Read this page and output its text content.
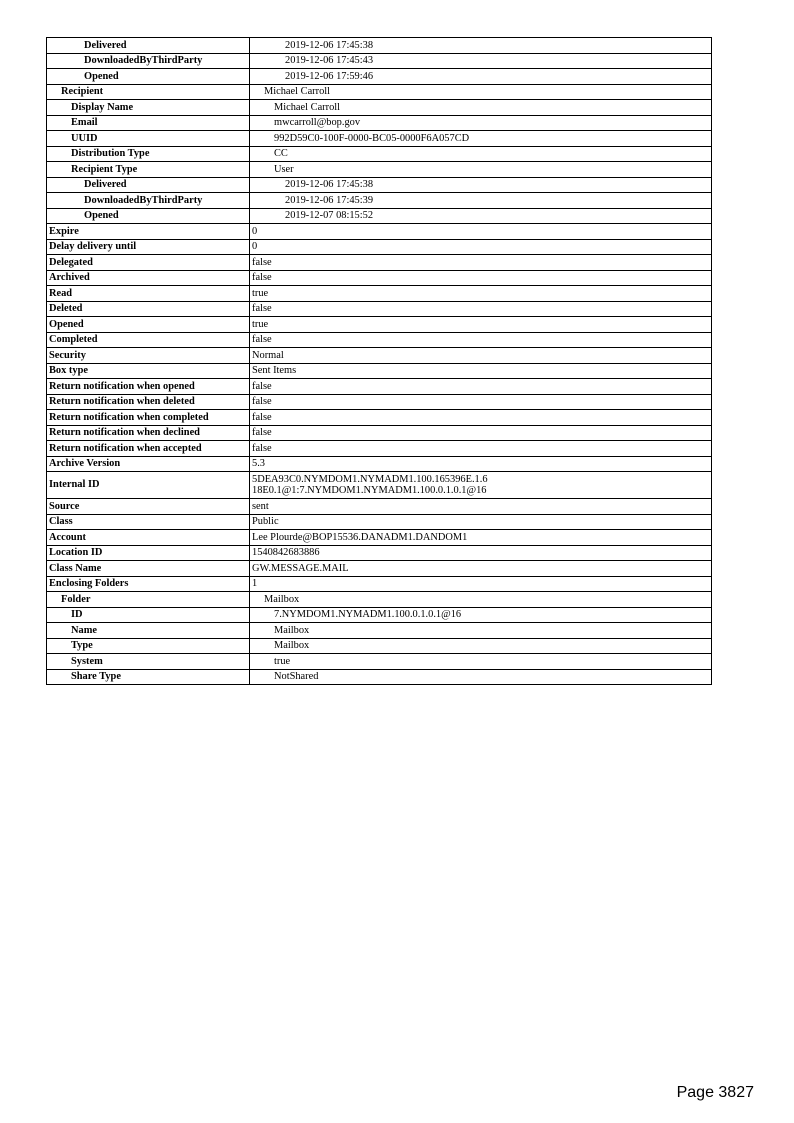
Delivered	2019-12-06 17:45:38
DownloadedByThirdParty	2019-12-06 17:45:43
Opened	2019-12-06 17:59:46
Recipient	Michael Carroll
Display Name	Michael Carroll
Email	mwcarroll@bop.gov
UUID	992D59C0-100F-0000-BC05-0000F6A057CD
Distribution Type	CC
Recipient Type	User
Delivered	2019-12-06 17:45:38
DownloadedByThirdParty	2019-12-06 17:45:39
Opened	2019-12-07 08:15:52
Expire	0
Delay delivery until	0
Delegated	false
Archived	false
Read	true
Deleted	false
Opened	true
Completed	false
Security	Normal
Box type	Sent Items
Return notification when opened	false
Return notification when deleted	false
Return notification when completed	false
Return notification when declined	false
Return notification when accepted	false
Archive Version	5.3
Internal ID	5DEA93C0.NYMDOM1.NYMADM1.100.165396E.1.6 18E0.1@1:7.NYMDOM1.NYMADM1.100.0.1.0.1@16
Source	sent
Class	Public
Account	Lee Plourde@BOP15536.DANADM1.DANDOM1
Location ID	1540842683886
Class Name	GW.MESSAGE.MAIL
Enclosing Folders	1
Folder	Mailbox
ID	7.NYMDOM1.NYMADM1.100.0.1.0.1@16
Name	Mailbox
Type	Mailbox
System	true
Share Type	NotShared
Page 3827
